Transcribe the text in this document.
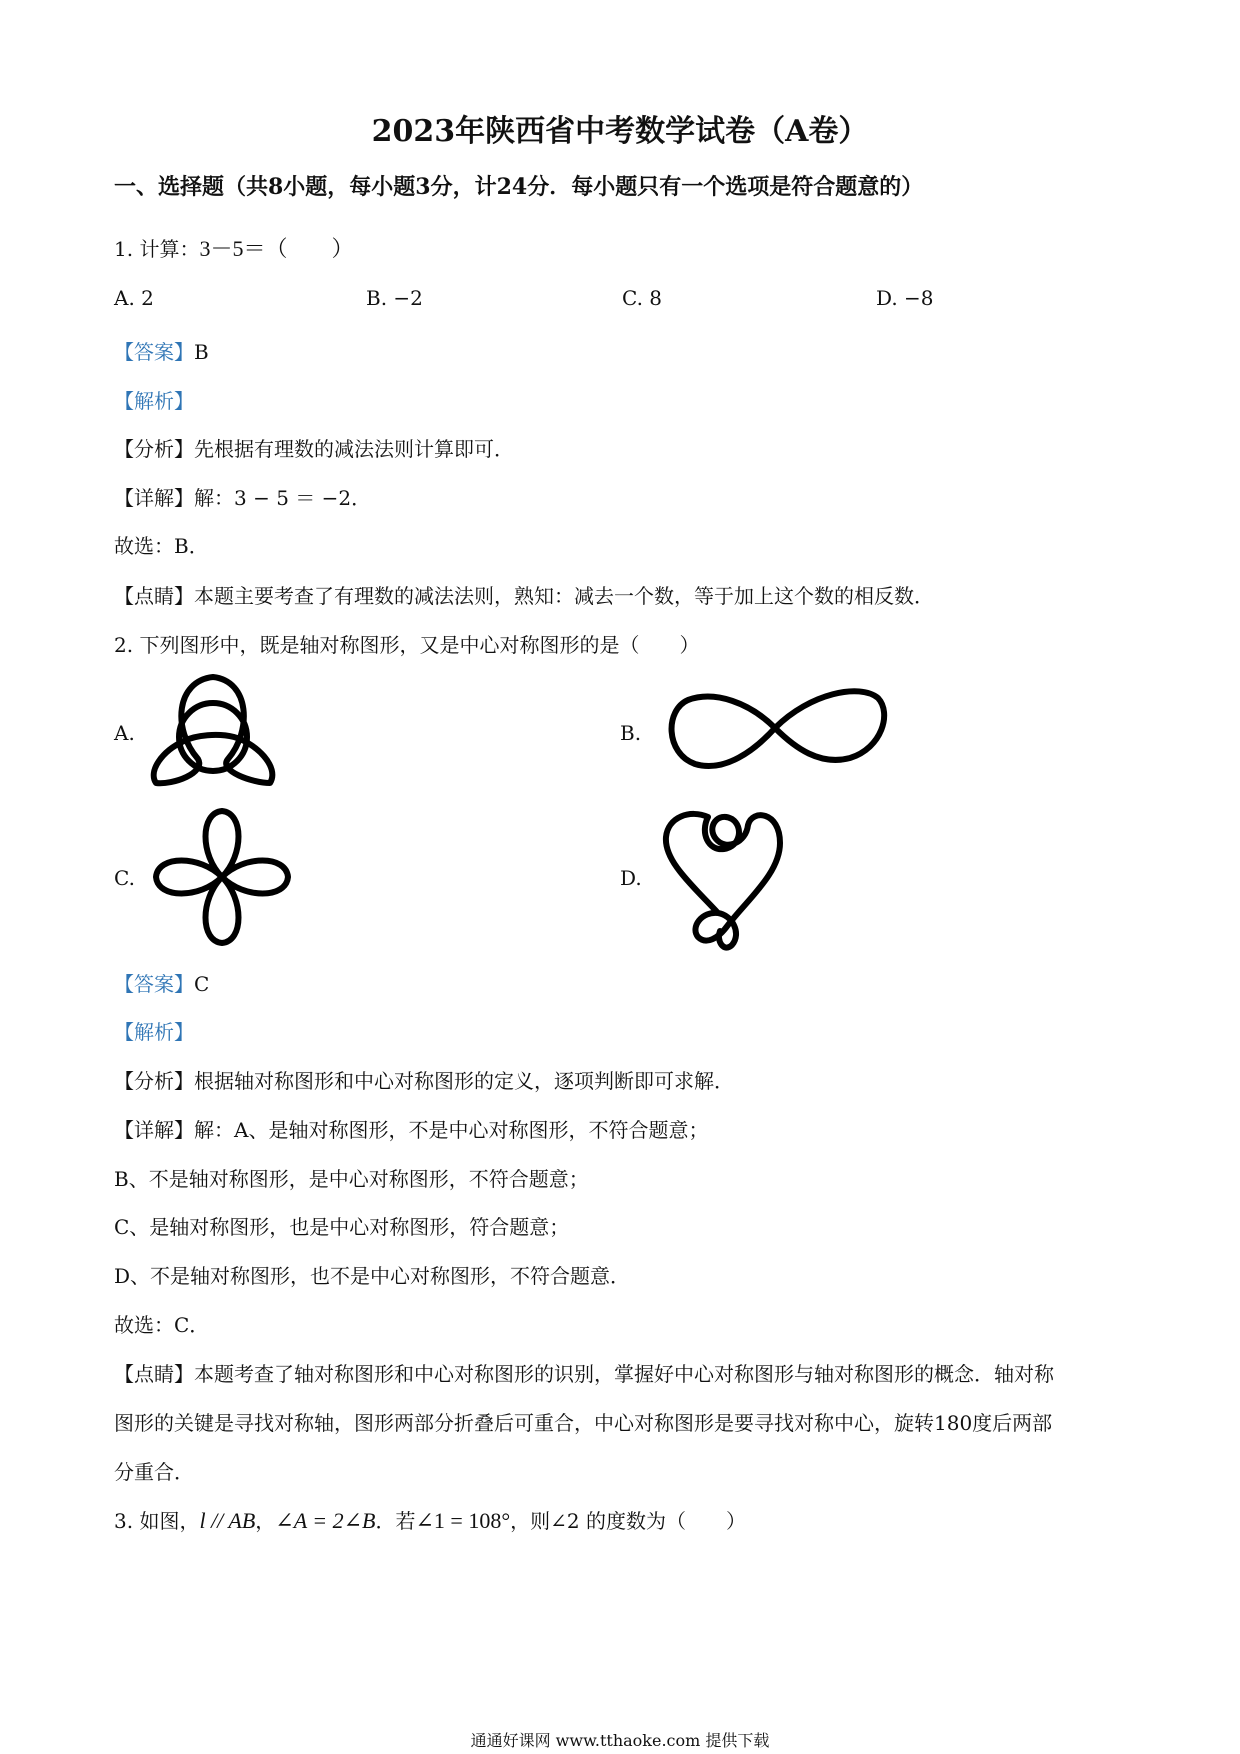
2023年陕西省中考数学试卷（A卷）
一、选择题（共8小题，每小题3分，计24分．每小题只有一个选项是符合题意的）
1. 计算：3－5＝（　　）
A. 2	B. −2	C. 8	D. −8
【答案】B
【解析】
【分析】先根据有理数的减法法则计算即可．
【详解】解：3 − 5 ＝ −2．
故选：B．
【点睛】本题主要考查了有理数的减法法则，熟知：减去一个数，等于加上这个数的相反数．
2. 下列图形中，既是轴对称图形，又是中心对称图形的是（　　）
A.	B.
C.	D.
【答案】C
【解析】
【分析】根据轴对称图形和中心对称图形的定义，逐项判断即可求解．
【详解】解：A、是轴对称图形，不是中心对称图形，不符合题意；
B、不是轴对称图形，是中心对称图形，不符合题意；
C、是轴对称图形，也是中心对称图形，符合题意；
D、不是轴对称图形，也不是中心对称图形，不符合题意．
故选：C．
【点睛】本题考查了轴对称图形和中心对称图形的识别，掌握好中心对称图形与轴对称图形的概念．轴对称
图形的关键是寻找对称轴，图形两部分折叠后可重合，中心对称图形是要寻找对称中心，旋转180度后两部
分重合．
3. 如图，l // AB，∠A = 2∠B．若∠1 = 108°，则∠2 的度数为（　　）
通通好课网 www.tthaoke.com 提供下载
